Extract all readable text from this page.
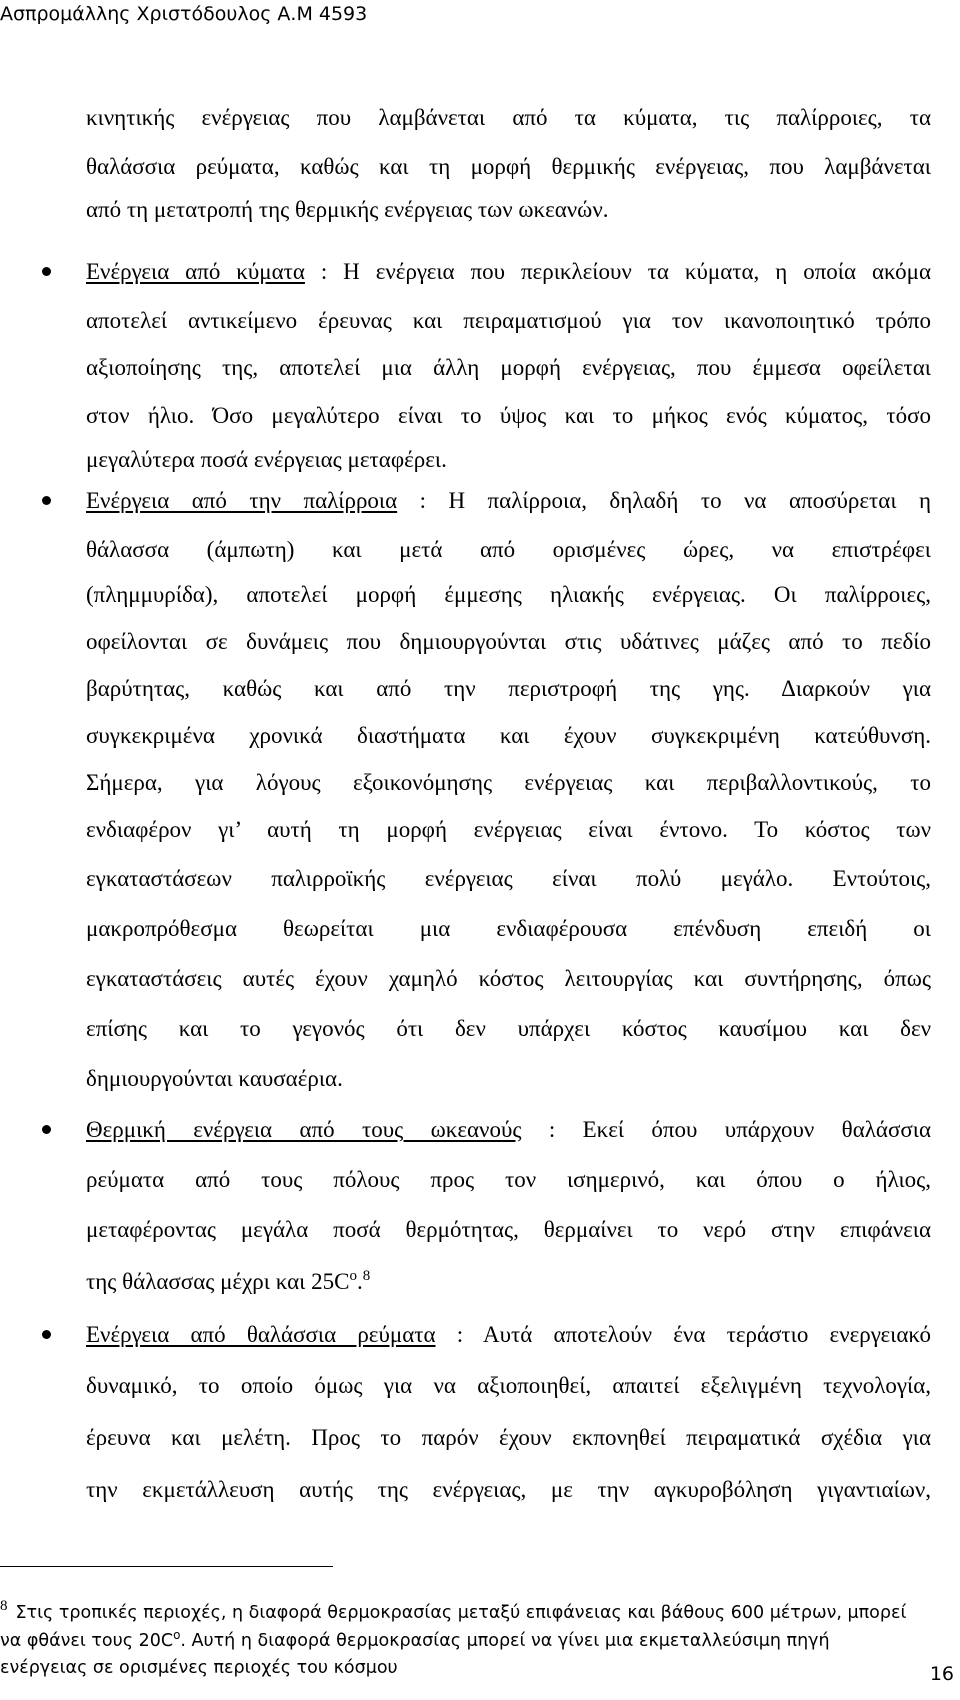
Ασπρομάλλης Χριστόδουλος Α.Μ 4593
κινητικής ενέργειας που λαμβάνεται από τα κύματα, τις παλίρροιες, τα
θαλάσσια ρεύματα, καθώς και τη μορφή θερμικής ενέργειας, που λαμβάνεται
από τη μετατροπή της θερμικής ενέργειας των ωκεανών.
Ενέργεια από κύματα : Η ενέργεια που περικλείουν τα κύματα, η οποία ακόμα
αποτελεί αντικείμενο έρευνας και πειραματισμού για τον ικανοποιητικό τρόπο
αξιοποίησης της, αποτελεί μια άλλη μορφή ενέργειας, που έμμεσα οφείλεται
στον ήλιο. Όσο μεγαλύτερο είναι το ύψος και το μήκος ενός κύματος, τόσο
μεγαλύτερα ποσά ενέργειας μεταφέρει.
Ενέργεια από την παλίρροια : Η παλίρροια, δηλαδή το να αποσύρεται η
θάλασσα (άμπωτη) και μετά από ορισμένες ώρες, να επιστρέφει
(πλημμυρίδα), αποτελεί μορφή έμμεσης ηλιακής ενέργειας. Οι παλίρροιες,
οφείλονται σε δυνάμεις που δημιουργούνται στις υδάτινες μάζες από το πεδίο
βαρύτητας, καθώς και από την περιστροφή της γης. Διαρκούν για
συγκεκριμένα χρονικά διαστήματα και έχουν συγκεκριμένη κατεύθυνση.
Σήμερα, για λόγους εξοικονόμησης ενέργειας και περιβαλλοντικούς, το
ενδιαφέρον γι’ αυτή τη μορφή ενέργειας είναι έντονο. Το κόστος των
εγκαταστάσεων παλιρροϊκής ενέργειας είναι πολύ μεγάλο. Εντούτοις,
μακροπρόθεσμα θεωρείται μια ενδιαφέρουσα επένδυση επειδή οι
εγκαταστάσεις αυτές έχουν χαμηλό κόστος λειτουργίας και συντήρησης, όπως
επίσης και το γεγονός ότι δεν υπάρχει κόστος καυσίμου και δεν
δημιουργούνται καυσαέρια.
Θερμική ενέργεια από τους ωκεανούς : Εκεί όπου υπάρχουν θαλάσσια
ρεύματα από τους πόλους προς τον ισημερινό, και όπου ο ήλιος,
μεταφέροντας μεγάλα ποσά θερμότητας, θερμαίνει το νερό στην επιφάνεια
της θάλασσας μέχρι και $25C^o.^8$
Ενέργεια από θαλάσσια ρεύματα : Αυτά αποτελούν ένα τεράστιο ενεργειακό
δυναμικό, το οποίο όμως για να αξιοποιηθεί, απαιτεί εξελιγμένη τεχνολογία,
έρευνα και μελέτη. Προς το παρόν έχουν εκπονηθεί πειραματικά σχέδια για
την εκμετάλλευση αυτής της ενέργειας, με την αγκυροβόληση γιγαντιαίων,
8 Στις τροπικές περιοχές, η διαφορά θερμοκρασίας μεταξύ επιφάνειας και βάθους 600 μέτρων, μπορεί
να φθάνει τους $20C^o$. Αυτή η διαφορά θερμοκρασίας μπορεί να γίνει μια εκμεταλλεύσιμη πηγή
ενέργειας σε ορισμένες περιοχές του κόσμου	16
